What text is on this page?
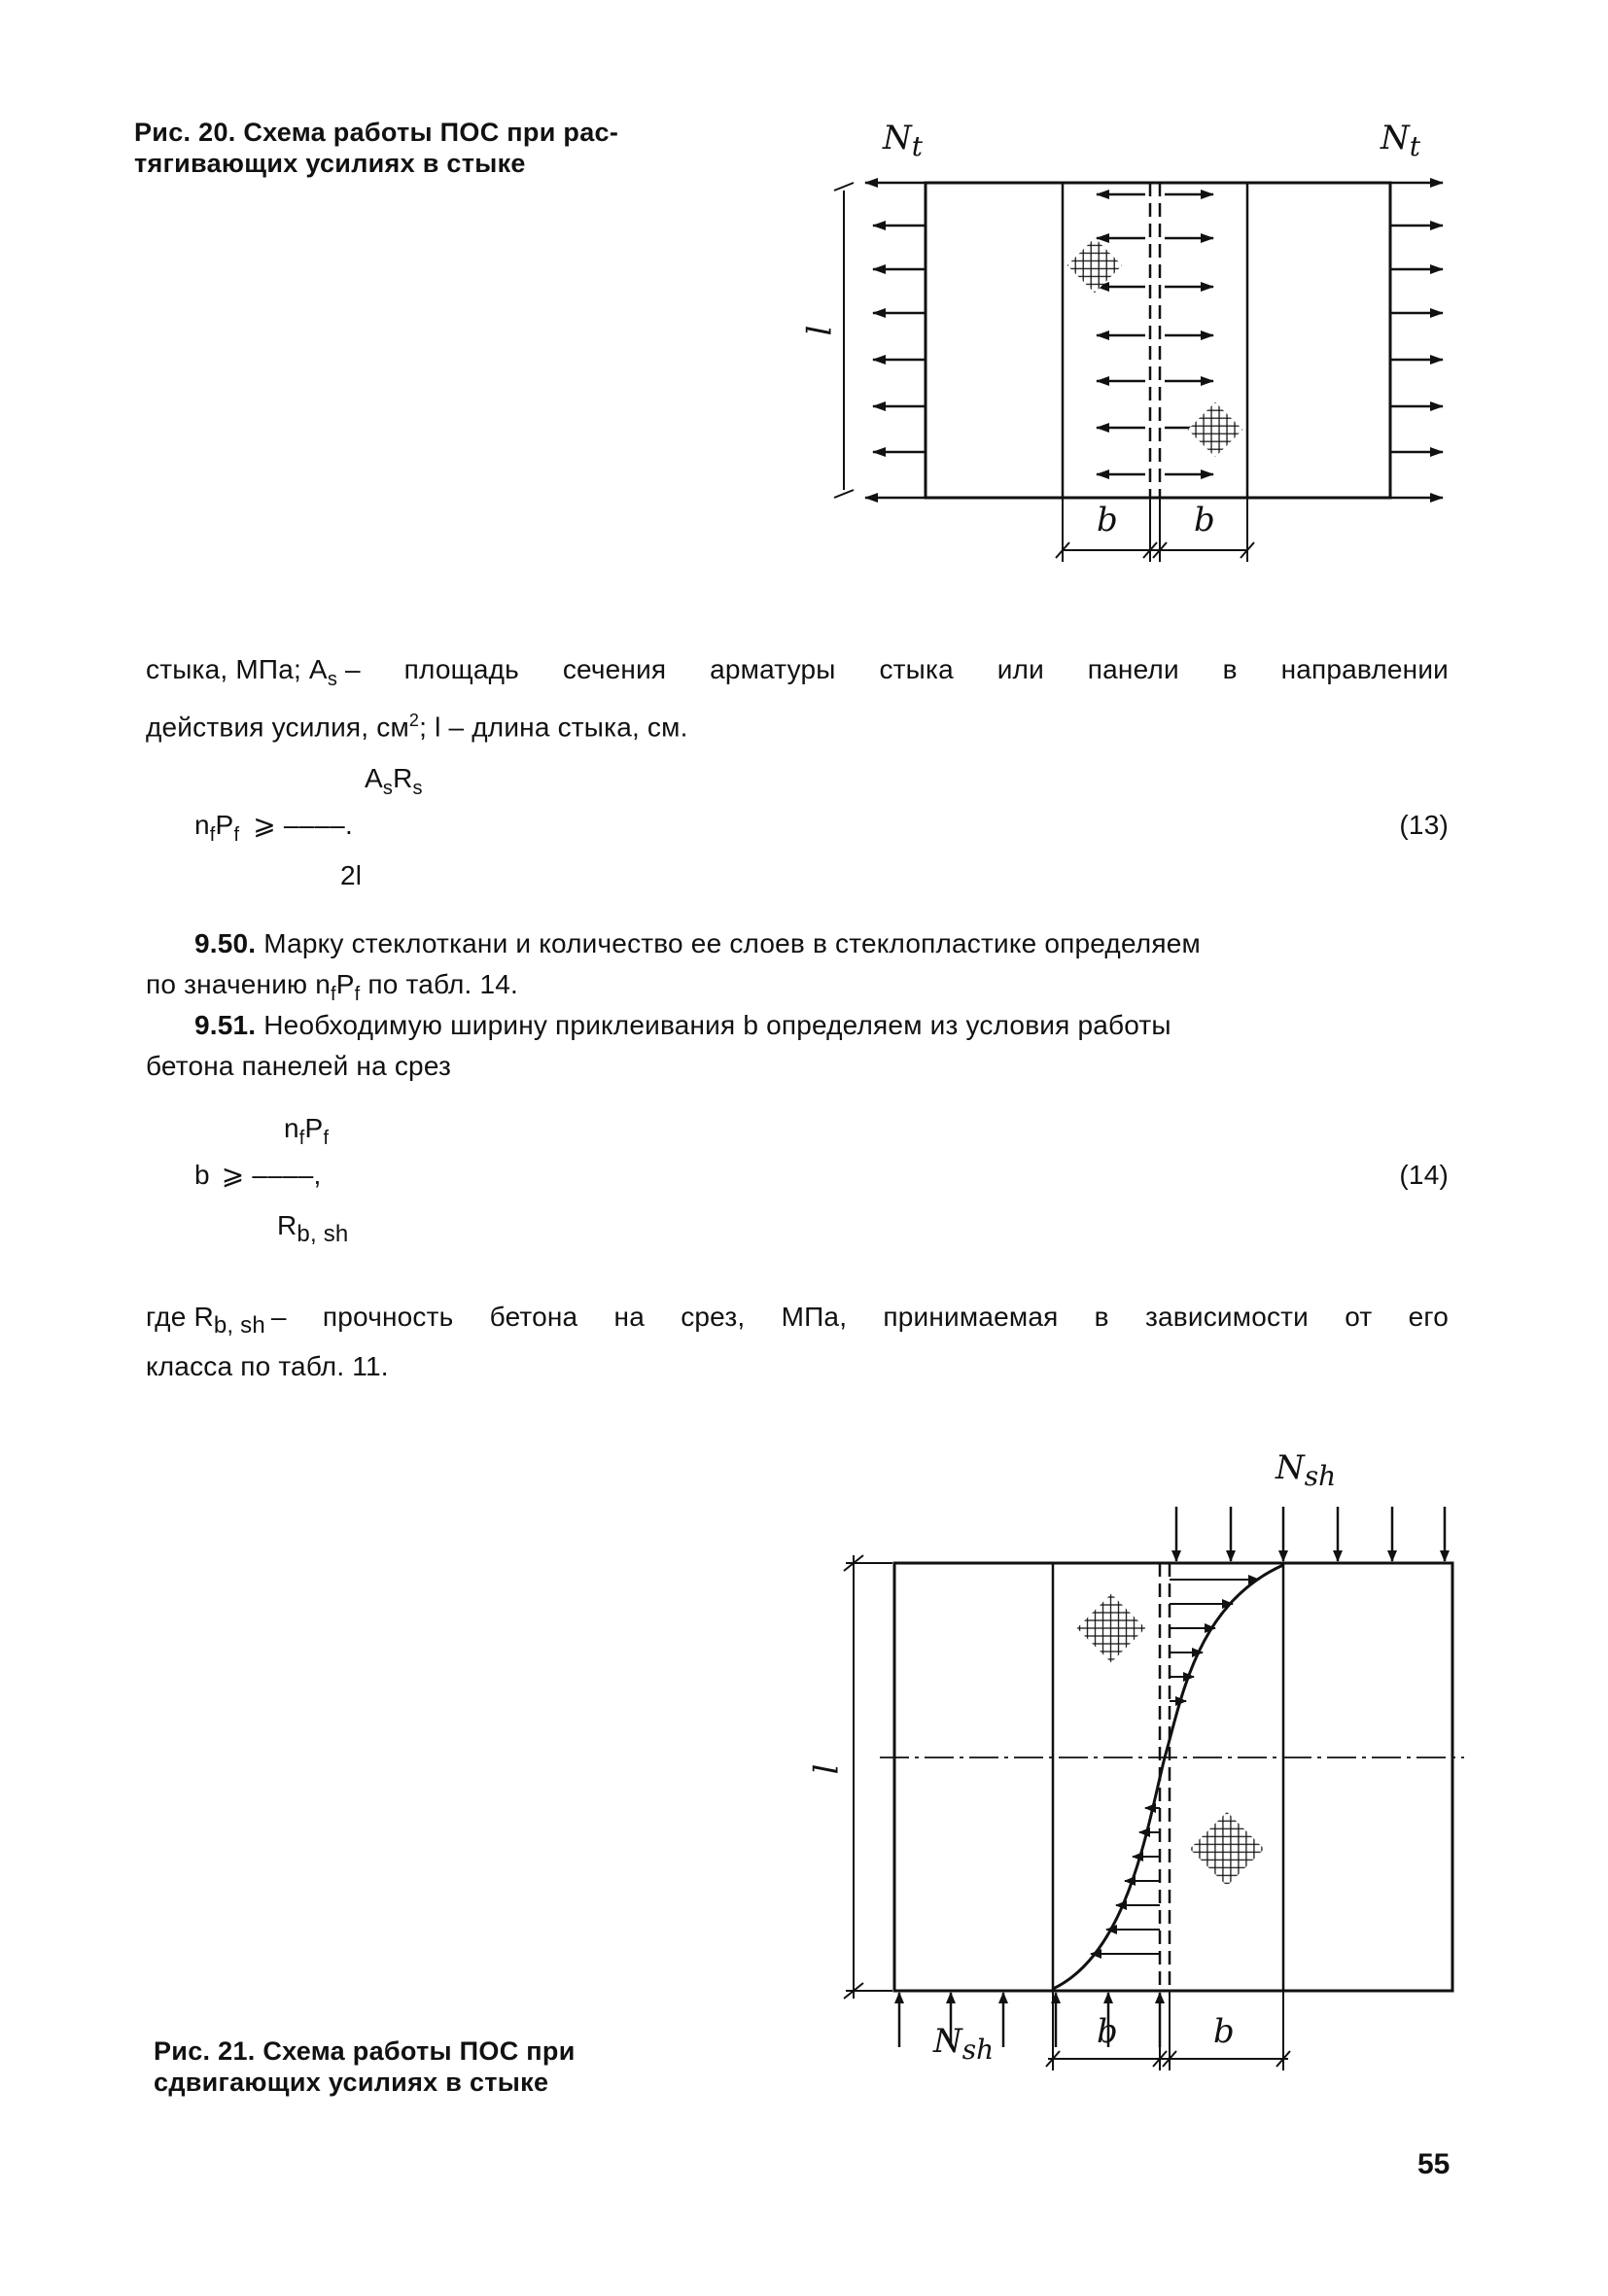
Рис. 20. Схема работы ПОС при рас-
тягивающих усилиях в стыке
$N_t$	$N_t$
l
b b
стыка, МПа; $A_s$ – площадь сечения арматуры стыка или панели в направлении
действия усилия, $см^2$; l – длина стыка, см.
$A_sR_s$
$n_fP_f$ ⩾ ––––.
2l
(13)
9.50. Марку стеклоткани и количество ее слоев в стеклопластике определяем
по значению $n_fP_f$ по табл. 14.
9.51. Необходимую ширину приклеивания b определяем из условия работы
бетона панелей на срез
$n_fP_f$
b ⩾ ––––,
Rb, sh
(14)
где Rb, sh – прочность бетона на срез, МПа, принимаемая в зависимости от его
класса по табл. 11.
$N_{sh}$
$N_{sh}$
l
b	b
Рис. 21. Схема работы ПОС при
сдвигающих усилиях в стыке
55
